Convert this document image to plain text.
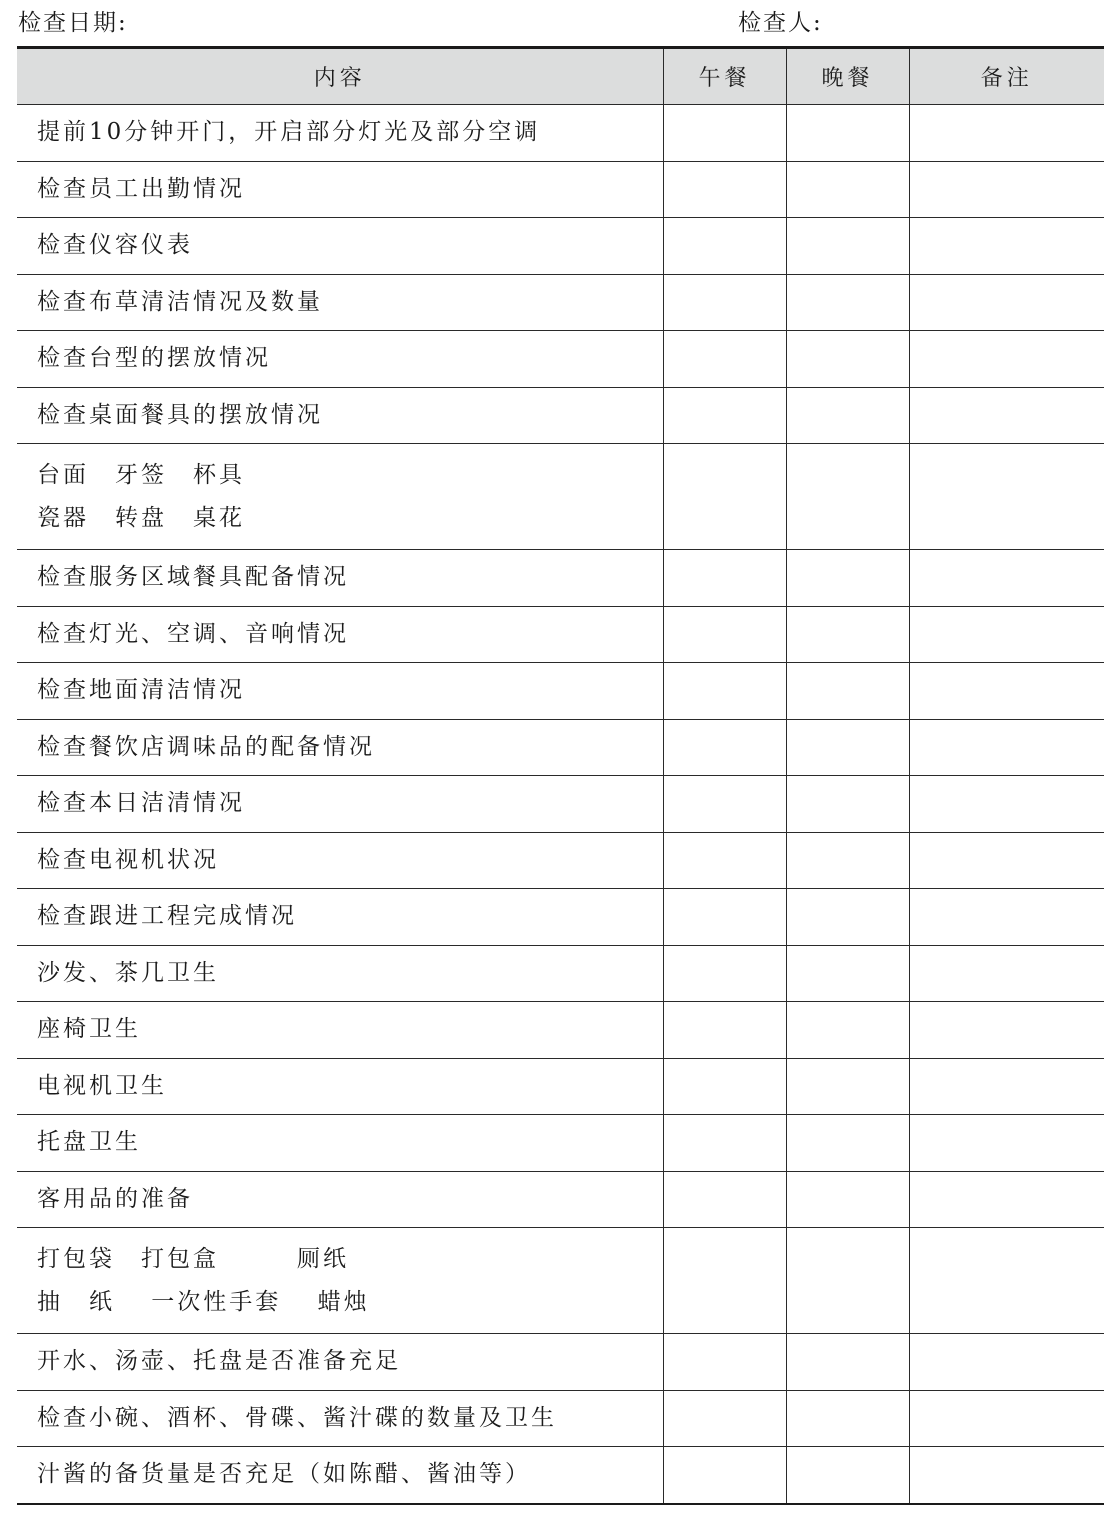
检查日期:	检查人:
内容	午餐	晚餐	备注

提前10分钟开门，开启部分灯光及部分空调			

检查员工出勤情况			

检查仪容仪表			

检查布草清洁情况及数量			

检查台型的摆放情况			

检查桌面餐具的摆放情况			

台面　牙签　杯具
瓷器　转盘　桌花			

检查服务区域餐具配备情况			

检查灯光、空调、音响情况			

检查地面清洁情况			

检查餐饮店调味品的配备情况			

检查本日洁清情况			

检查电视机状况			

检查跟进工程完成情况			

沙发、茶几卫生			

座椅卫生			

电视机卫生			

托盘卫生			

客用品的准备			

打包袋　打包盒　　　厕纸
抽　纸　 一次性手套　 蜡烛			

开水、汤壶、托盘是否准备充足			

检查小碗、酒杯、骨碟、酱汁碟的数量及卫生			

汁酱的备货量是否充足（如陈醋、酱油等）			
